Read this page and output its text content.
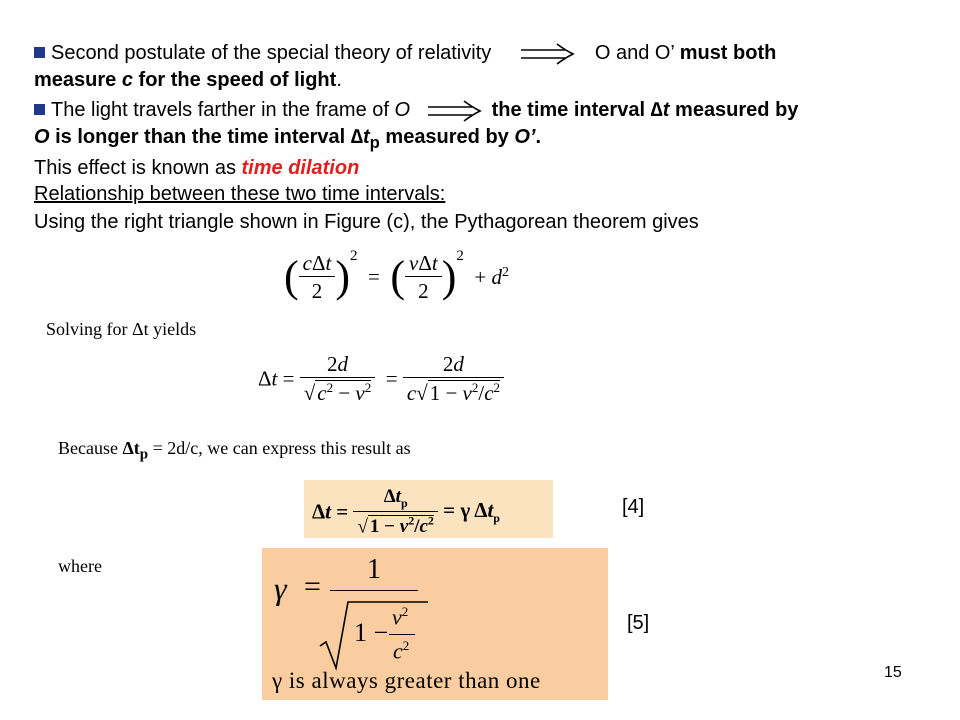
Second postulate of the special theory of relativity	O and O’ must both
measure c for the speed of light.
The light travels farther in the frame of O	the time interval ∆t measured by
O is longer than the time interval $\Delta t_p$ measured by O’.
This effect is known as time dilation
Relationship between these two time intervals:
Using the right triangle shown in Figure (c), the Pythagorean theorem gives
( $\frac{\text{cΔt}}{2} )^2$  =  ( $\frac{\text{vΔt}}{2} )^2 + d^2$
Solving for Δt yields
$\Delta t = \frac{2d}{√c^2 - v^2} = \frac{2d}{c√1 - v^2/c^2}$
Because $\Delta t_p = 2d/c$, we can express this result as
$\Delta t = \frac{\Delta t_p}{√ 1 - v^2/c^2} = \gamma$ $\Delta t_p$
[4]
where
γ =
1
1 −
$v^2$
$c^2$
γ is always greater than one
[5]
15
